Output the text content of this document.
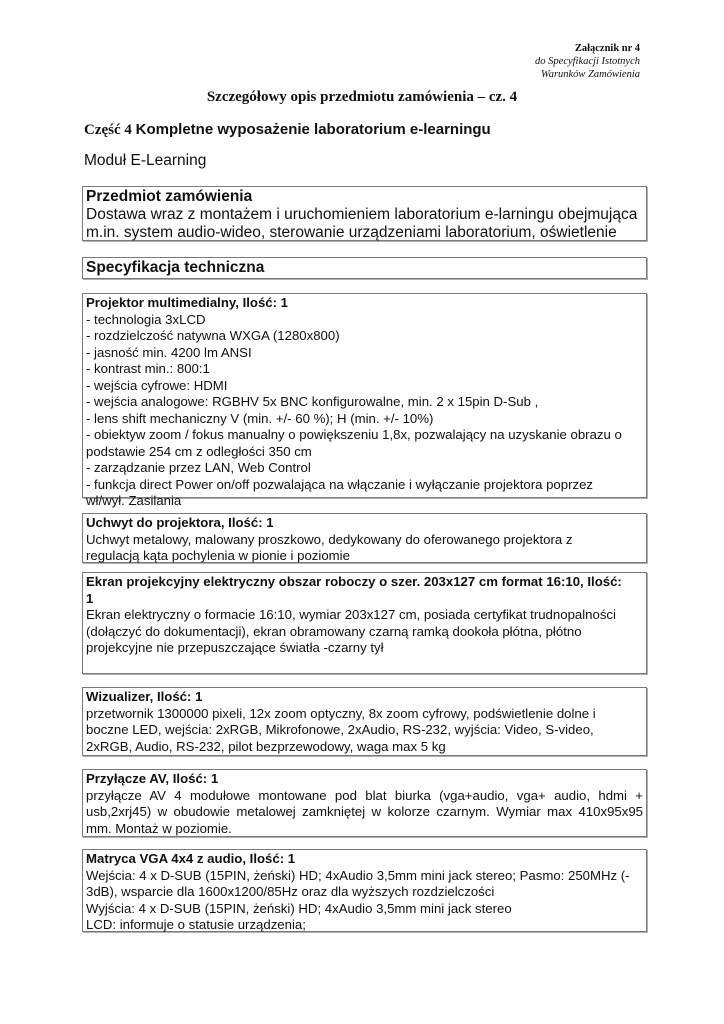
Załącznik nr 4
do Specyfikacji Istotnych
Warunków Zamówienia
Szczegółowy opis przedmiotu zamówienia – cz. 4
Część 4 Kompletne wyposażenie laboratorium e-learningu
Moduł E-Learning
Przedmiot zamówienia
Dostawa wraz z montażem i uruchomieniem laboratorium e-larningu obejmująca
m.in. system audio-wideo, sterowanie urządzeniami laboratorium, oświetlenie
Specyfikacja techniczna
Projektor multimedialny, Ilość: 1
- technologia 3xLCD
- rozdzielczość natywna WXGA (1280x800)
- jasność min. 4200 lm ANSI
- kontrast min.: 800:1
- wejścia cyfrowe: HDMI
- wejścia analogowe: RGBHV 5x BNC konfigurowalne, min. 2 x 15pin D-Sub ,
- lens shift mechaniczny V (min. +/- 60 %); H (min. +/- 10%)
- obiektyw zoom / fokus manualny o powiększeniu 1,8x, pozwalający na uzyskanie obrazu o
podstawie 254 cm z odległości 350 cm
- zarządzanie przez LAN, Web Control
- funkcja direct Power on/off pozwalająca na włączanie i wyłączanie projektora poprzez
wł/wył. Zasilania
Uchwyt do projektora, Ilość: 1
Uchwyt metalowy, malowany proszkowo, dedykowany do oferowanego projektora z
regulacją kąta pochylenia w pionie i poziomie
Ekran projekcyjny elektryczny obszar roboczy o szer. 203x127 cm format 16:10, Ilość:
1
Ekran elektryczny o formacie 16:10, wymiar 203x127 cm, posiada certyfikat trudnopalności
(dołączyć do dokumentacji), ekran obramowany czarną ramką dookoła płótna, płótno
projekcyjne nie przepuszczające światła -czarny tył
Wizualizer, Ilość: 1
przetwornik 1300000 pixeli, 12x zoom optyczny, 8x zoom cyfrowy, podświetlenie dolne i
boczne LED, wejścia: 2xRGB, Mikrofonowe, 2xAudio, RS-232, wyjścia: Video, S-video,
2xRGB, Audio, RS-232, pilot bezprzewodowy, waga max 5 kg
Przyłącze AV, Ilość: 1
przyłącze AV 4 modułowe montowane pod blat biurka (vga+audio, vga+ audio, hdmi + usb,2xrj45) w obudowie metalowej zamkniętej w kolorze czarnym. Wymiar max 410x95x95 mm. Montaż w poziomie.
Matryca VGA 4x4 z audio, Ilość: 1
Wejścia: 4 x D-SUB (15PIN, żeński) HD; 4xAudio 3,5mm mini jack stereo; Pasmo: 250MHz (-
3dB), wsparcie dla 1600x1200/85Hz oraz dla wyższych rozdzielczości
Wyjścia: 4 x D-SUB (15PIN, żeński) HD; 4xAudio 3,5mm mini jack stereo
LCD: informuje o statusie urządzenia;
